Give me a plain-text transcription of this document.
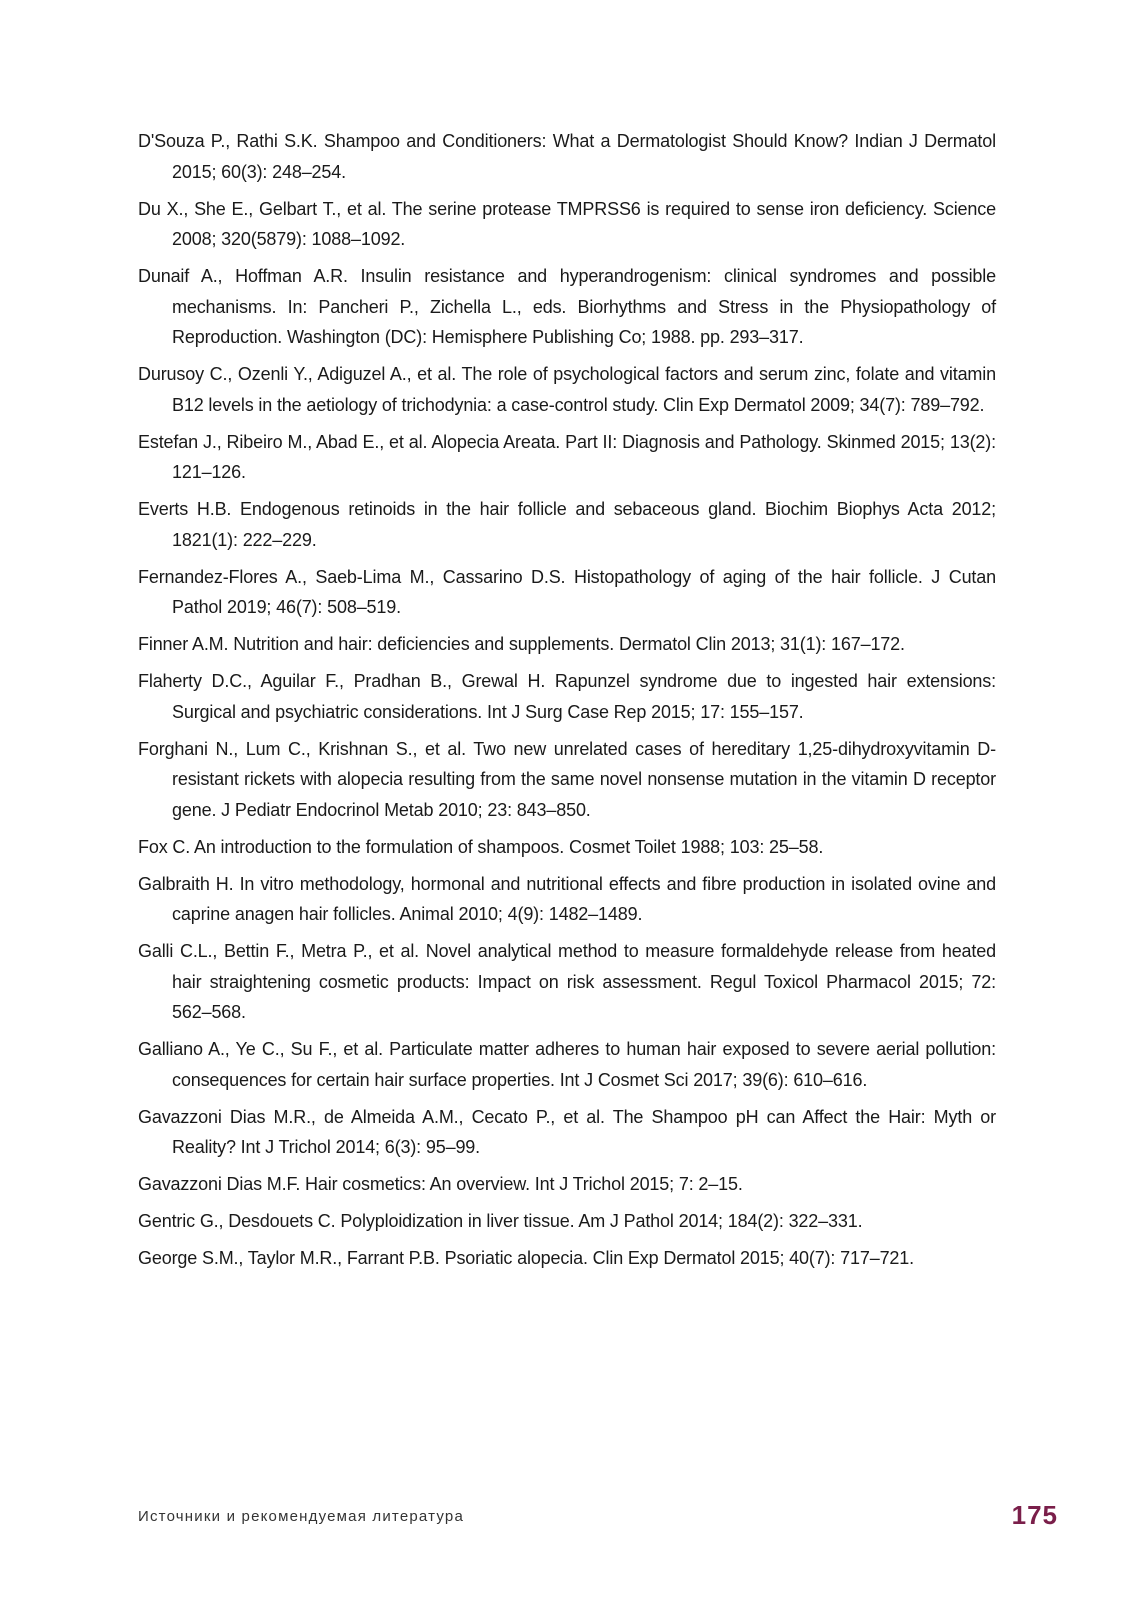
D'Souza P., Rathi S.K. Shampoo and Conditioners: What a Dermatologist Should Know? Indian J Dermatol 2015; 60(3): 248–254.
Du X., She E., Gelbart T., et al. The serine protease TMPRSS6 is required to sense iron deficiency. Science 2008; 320(5879): 1088–1092.
Dunaif A., Hoffman A.R. Insulin resistance and hyperandrogenism: clinical syndromes and possible mechanisms. In: Pancheri P., Zichella L., eds. Biorhythms and Stress in the Physiopathology of Reproduction. Washington (DC): Hemisphere Publishing Co; 1988. pp. 293–317.
Durusoy C., Ozenli Y., Adiguzel A., et al. The role of psychological factors and serum zinc, folate and vitamin B12 levels in the aetiology of trichodynia: a case-control study. Clin Exp Dermatol 2009; 34(7): 789–792.
Estefan J., Ribeiro M., Abad E., et al. Alopecia Areata. Part II: Diagnosis and Pathology. Skinmed 2015; 13(2): 121–126.
Everts H.B. Endogenous retinoids in the hair follicle and sebaceous gland. Biochim Biophys Acta 2012; 1821(1): 222–229.
Fernandez-Flores A., Saeb-Lima M., Cassarino D.S. Histopathology of aging of the hair follicle. J Cutan Pathol 2019; 46(7): 508–519.
Finner A.M. Nutrition and hair: deficiencies and supplements. Dermatol Clin 2013; 31(1): 167–172.
Flaherty D.C., Aguilar F., Pradhan B., Grewal H. Rapunzel syndrome due to ingested hair extensions: Surgical and psychiatric considerations. Int J Surg Case Rep 2015; 17: 155–157.
Forghani N., Lum C., Krishnan S., et al. Two new unrelated cases of hereditary 1,25-dihydroxyvitamin D-resistant rickets with alopecia resulting from the same novel nonsense mutation in the vitamin D receptor gene. J Pediatr Endocrinol Metab 2010; 23: 843–850.
Fox C. An introduction to the formulation of shampoos. Cosmet Toilet 1988; 103: 25–58.
Galbraith H. In vitro methodology, hormonal and nutritional effects and fibre production in isolated ovine and caprine anagen hair follicles. Animal 2010; 4(9): 1482–1489.
Galli C.L., Bettin F., Metra P., et al. Novel analytical method to measure formaldehyde release from heated hair straightening cosmetic products: Impact on risk assessment. Regul Toxicol Pharmacol 2015; 72: 562–568.
Galliano A., Ye C., Su F., et al. Particulate matter adheres to human hair exposed to severe aerial pollution: consequences for certain hair surface properties. Int J Cosmet Sci 2017; 39(6): 610–616.
Gavazzoni Dias M.R., de Almeida A.M., Cecato P., et al. The Shampoo pH can Affect the Hair: Myth or Reality? Int J Trichol 2014; 6(3): 95–99.
Gavazzoni Dias M.F. Hair cosmetics: An overview. Int J Trichol 2015; 7: 2–15.
Gentric G., Desdouets C. Polyploidization in liver tissue. Am J Pathol 2014; 184(2): 322–331.
George S.M., Taylor M.R., Farrant P.B. Psoriatic alopecia. Clin Exp Dermatol 2015; 40(7): 717–721.
Источники и рекомендуемая литература	175
